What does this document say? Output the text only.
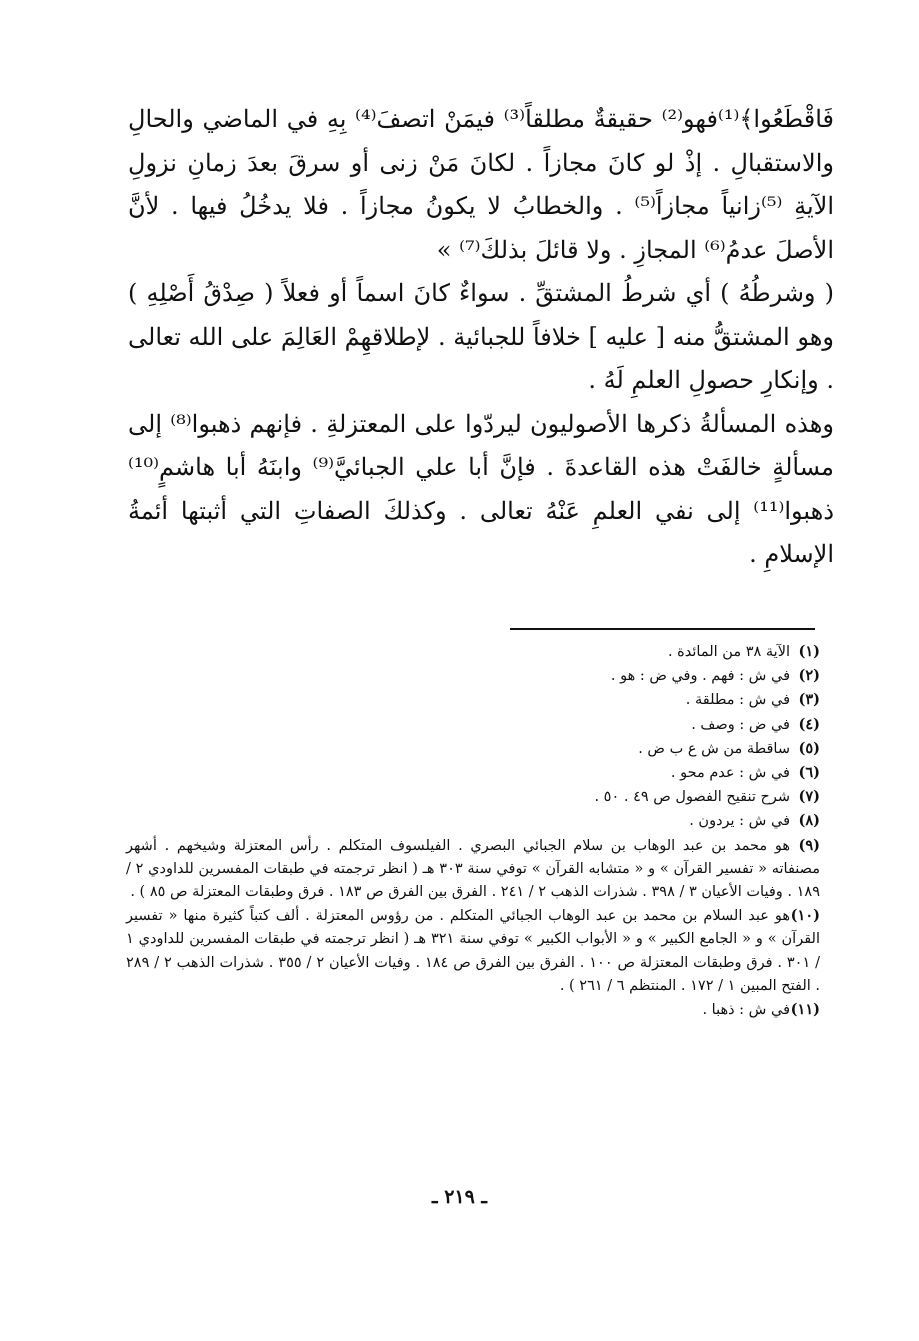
فَاقْطَعُوا﴾⁽¹⁾فهو⁽²⁾ حقيقةٌ مطلقاً⁽³⁾ فيمَنْ اتصفَ⁽⁴⁾ بِهِ في الماضي والحالِ والاستقبالِ . إذْ لو كانَ مجازاً . لكانَ مَنْ زنى أو سرقَ بعدَ زمانِ نزولِ الآيةِ ⁽⁵⁾زانياً مجازاً⁽⁵⁾ . والخطابُ لا يكونُ مجازاً . فلا يدخُلُ فيها . لأنَّ الأصلَ عدمُ⁽⁶⁾ المجازِ . ولا قائلَ بذلكَ⁽⁷⁾ »

( وشرطُهُ ) أي شرطُ المشتقِّ . سواءٌ كانَ اسماً أو فعلاً ( صِدْقُ أَصْلِهِ ) وهو المشتقُّ منه [ عليه ] خلافاً للجبائية . لإطلاقهِمْ العَالِمَ على الله تعالى . وإنكارِ حصولِ العلمِ لَهُ .

وهذه المسألةُ ذكرها الأصوليون ليردّوا على المعتزلةِ . فإنهم ذهبوا⁽⁸⁾ إلى مسألةٍ خالفَتْ هذه القاعدةَ . فإنَّ أبا علي الجبائيَّ⁽⁹⁾ وابنَهُ أبا هاشمٍ⁽¹⁰⁾ ذهبوا⁽¹¹⁾ إلى نفي العلمِ عَنْهُ تعالى . وكذلكَ الصفاتِ التي أثبتها أئمةُ الإسلامِ .

(١)الآية ٣٨ من المائدة .

(٢)في ش : فهم . وفي ض : هو .

(٣)في ش : مطلقة .

(٤)في ض : وصف .

(٥)ساقطة من ش ع ب ض .

(٦)في ش : عدم محو .

(٧)شرح تنقيح الفصول ص ٤٩ . ٥٠ .

(٨)في ش : يردون .

(٩)هو محمد بن عبد الوهاب بن سلام الجبائي البصري . الفيلسوف المتكلم . رأس المعتزلة وشيخهم . أشهر مصنفاته « تفسير القرآن » و « متشابه القرآن » توفي سنة ٣٠٣ هـ ( انظر ترجمته في طبقات المفسرين للداودي ٢ / ١٨٩ . وفيات الأعيان ٣ / ٣٩٨ . شذرات الذهب ٢ / ٢٤١ . الفرق بين الفرق ص ١٨٣ . فرق وطبقات المعتزلة ص ٨٥ ) .

(١٠)هو عبد السلام بن محمد بن عبد الوهاب الجبائي المتكلم . من رؤوس المعتزلة . ألف كتباً كثيرة منها « تفسير القرآن » و « الجامع الكبير » و « الأبواب الكبير » توفي سنة ٣٢١ هـ ( انظر ترجمته في طبقات المفسرين للداودي ١ / ٣٠١ . فرق وطبقات المعتزلة ص ١٠٠ . الفرق بين الفرق ص ١٨٤ . وفيات الأعيان ٢ / ٣٥٥ . شذرات الذهب ٢ / ٢٨٩ . الفتح المبين ١ / ١٧٢ . المنتظم ٦ / ٢٦١ ) .

(١١)في ش : ذهبا .

ـ ٢١٩ ـ
